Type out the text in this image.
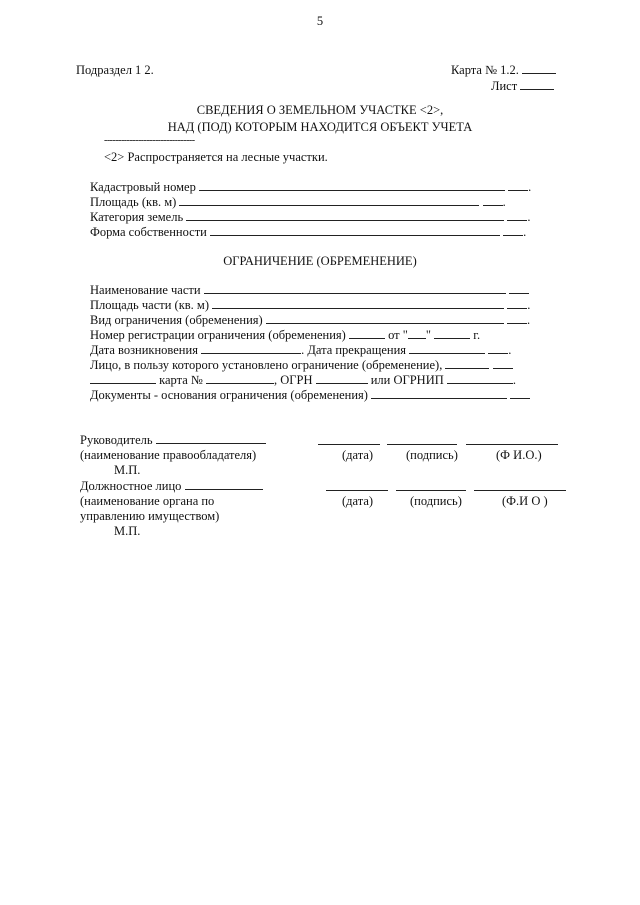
5
Подраздел 1 2.	Карта № 1.2.
Лист
СВЕДЕНИЯ О ЗЕМЕЛЬНОМ УЧАСТКЕ <2>,
НАД (ПОД) КОТОРЫМ НАХОДИТСЯ ОБЪЕКТ УЧЕТА
--------------------------------
<2> Распространяется на лесные участки.
Кадастровый номер	.
Площадь (кв. м)	.
Категория земель	.
Форма собственности	.
ОГРАНИЧЕНИЕ (ОБРЕМЕНЕНИЕ)
Наименование части
Площадь части (кв. м)	.
Вид ограничения (обременения)	.
Номер регистрации ограничения (обременения)	от " "	г.
Дата возникновения	. Дата прекращения	.
Лицо, в пользу которого установлено ограничение (обременение),
карта №	, ОГРН	или ОГРНИП	.
Документы - основания ограничения (обременения)
Руководитель
(наименование правообладателя)	(дата)	(подпись)	(Ф И.О.)
М.П.
Должностное лицо
(наименование органа по	(дата)	(подпись)	(Ф.И О )
управлению имуществом)
М.П.
